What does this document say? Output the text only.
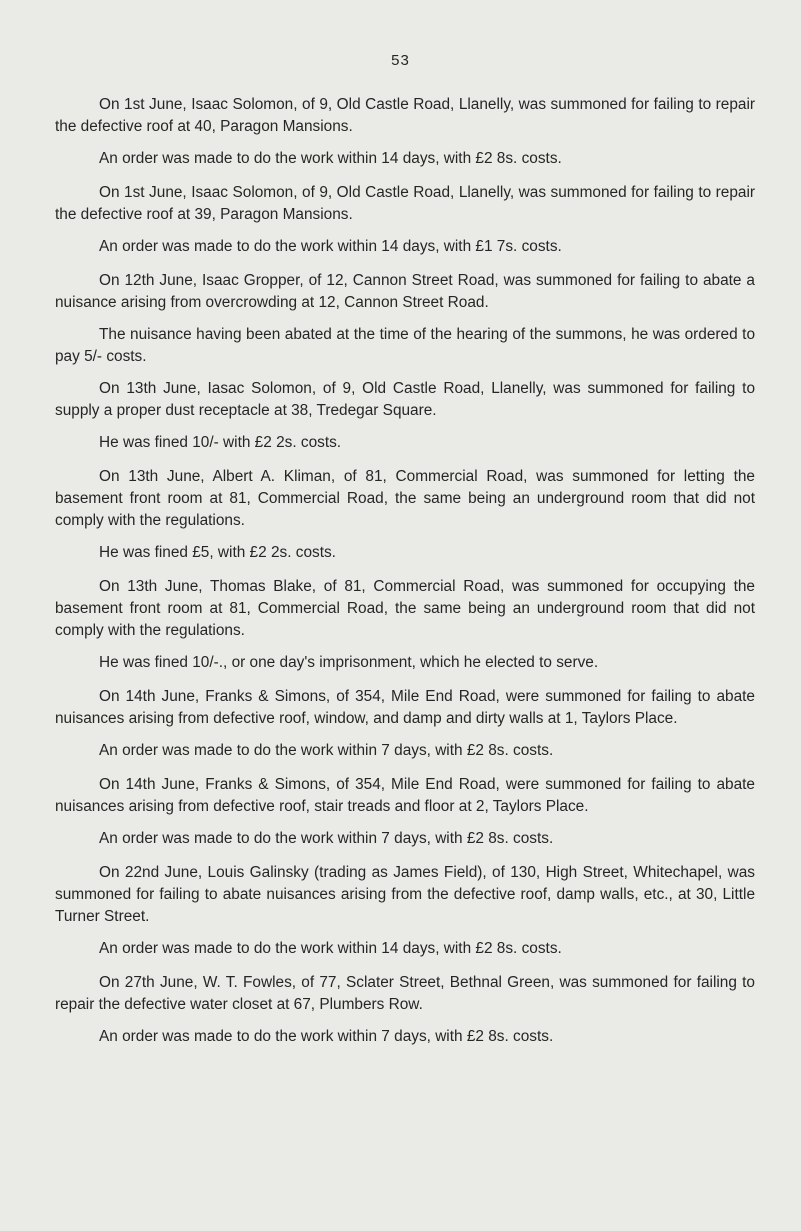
53

On 1st June, Isaac Solomon, of 9, Old Castle Road, Llanelly, was summoned for failing to repair the defective roof at 40, Paragon Mansions.

An order was made to do the work within 14 days, with £2 8s. costs.

On 1st June, Isaac Solomon, of 9, Old Castle Road, Llanelly, was summoned for failing to repair the defective roof at 39, Paragon Mansions.

An order was made to do the work within 14 days, with £1 7s. costs.

On 12th June, Isaac Gropper, of 12, Cannon Street Road, was summoned for failing to abate a nuisance arising from overcrowding at 12, Cannon Street Road.

The nuisance having been abated at the time of the hearing of the summons, he was ordered to pay 5/- costs.

On 13th June, Iasac Solomon, of 9, Old Castle Road, Llanelly, was summoned for failing to supply a proper dust receptacle at 38, Tredegar Square.

He was fined 10/- with £2 2s. costs.

On 13th June, Albert A. Kliman, of 81, Commercial Road, was summoned for letting the basement front room at 81, Commercial Road, the same being an underground room that did not comply with the regulations.

He was fined £5, with £2 2s. costs.

On 13th June, Thomas Blake, of 81, Commercial Road, was summoned for occupying the basement front room at 81, Commercial Road, the same being an underground room that did not comply with the regulations.

He was fined 10/-., or one day's imprisonment, which he elected to serve.

On 14th June, Franks & Simons, of 354, Mile End Road, were summoned for failing to abate nuisances arising from defective roof, window, and damp and dirty walls at 1, Taylors Place.

An order was made to do the work within 7 days, with £2 8s. costs.

On 14th June, Franks & Simons, of 354, Mile End Road, were summoned for failing to abate nuisances arising from defective roof, stair treads and floor at 2, Taylors Place.

An order was made to do the work within 7 days, with £2 8s. costs.

On 22nd June, Louis Galinsky (trading as James Field), of 130, High Street, Whitechapel, was summoned for failing to abate nuisances arising from the defective roof, damp walls, etc., at 30, Little Turner Street.

An order was made to do the work within 14 days, with £2 8s. costs.

On 27th June, W. T. Fowles, of 77, Sclater Street, Bethnal Green, was summoned for failing to repair the defective water closet at 67, Plumbers Row.

An order was made to do the work within 7 days, with £2 8s. costs.
